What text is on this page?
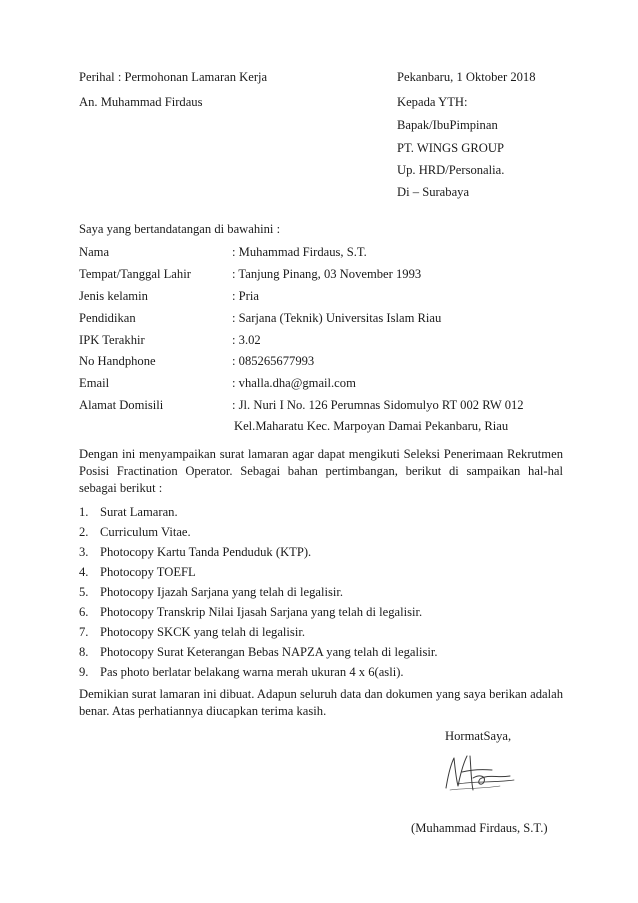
Perihal : Permohonan Lamaran Kerja	Pekanbaru, 1 Oktober 2018
An. Muhammad Firdaus	Kepada YTH:
Bapak/IbuPimpinan
PT. WINGS GROUP
Up. HRD/Personalia.
Di – Surabaya
Saya yang bertandatangan di bawahini :
Nama	: Muhammad Firdaus, S.T.
Tempat/Tanggal Lahir	: Tanjung Pinang, 03 November 1993
Jenis kelamin	: Pria
Pendidikan	: Sarjana (Teknik) Universitas Islam Riau
IPK Terakhir	: 3.02
No Handphone	: 085265677993
Email	: vhalla.dha@gmail.com
Alamat Domisili	: Jl. Nuri I No. 126 Perumnas Sidomulyo RT 002 RW 012
Kel.Maharatu Kec. Marpoyan Damai Pekanbaru, Riau
Dengan ini menyampaikan surat lamaran agar dapat mengikuti Seleksi Penerimaan Rekrutmen Posisi Fractination Operator. Sebagai bahan pertimbangan, berikut di sampaikan hal-hal sebagai berikut :
1. Surat Lamaran.
2. Curriculum Vitae.
3. Photocopy Kartu Tanda Penduduk (KTP).
4. Photocopy TOEFL
5. Photocopy Ijazah Sarjana yang telah di legalisir.
6. Photocopy Transkrip Nilai Ijasah Sarjana yang telah di legalisir.
7. Photocopy SKCK yang telah di legalisir.
8. Photocopy Surat Keterangan Bebas NAPZA yang telah di legalisir.
9. Pas photo berlatar belakang warna merah ukuran 4 x 6(asli).
Demikian surat lamaran ini dibuat. Adapun seluruh data dan dokumen yang saya berikan adalah benar. Atas perhatiannya diucapkan terima kasih.
HormatSaya,
(Muhammad Firdaus, S.T.)
